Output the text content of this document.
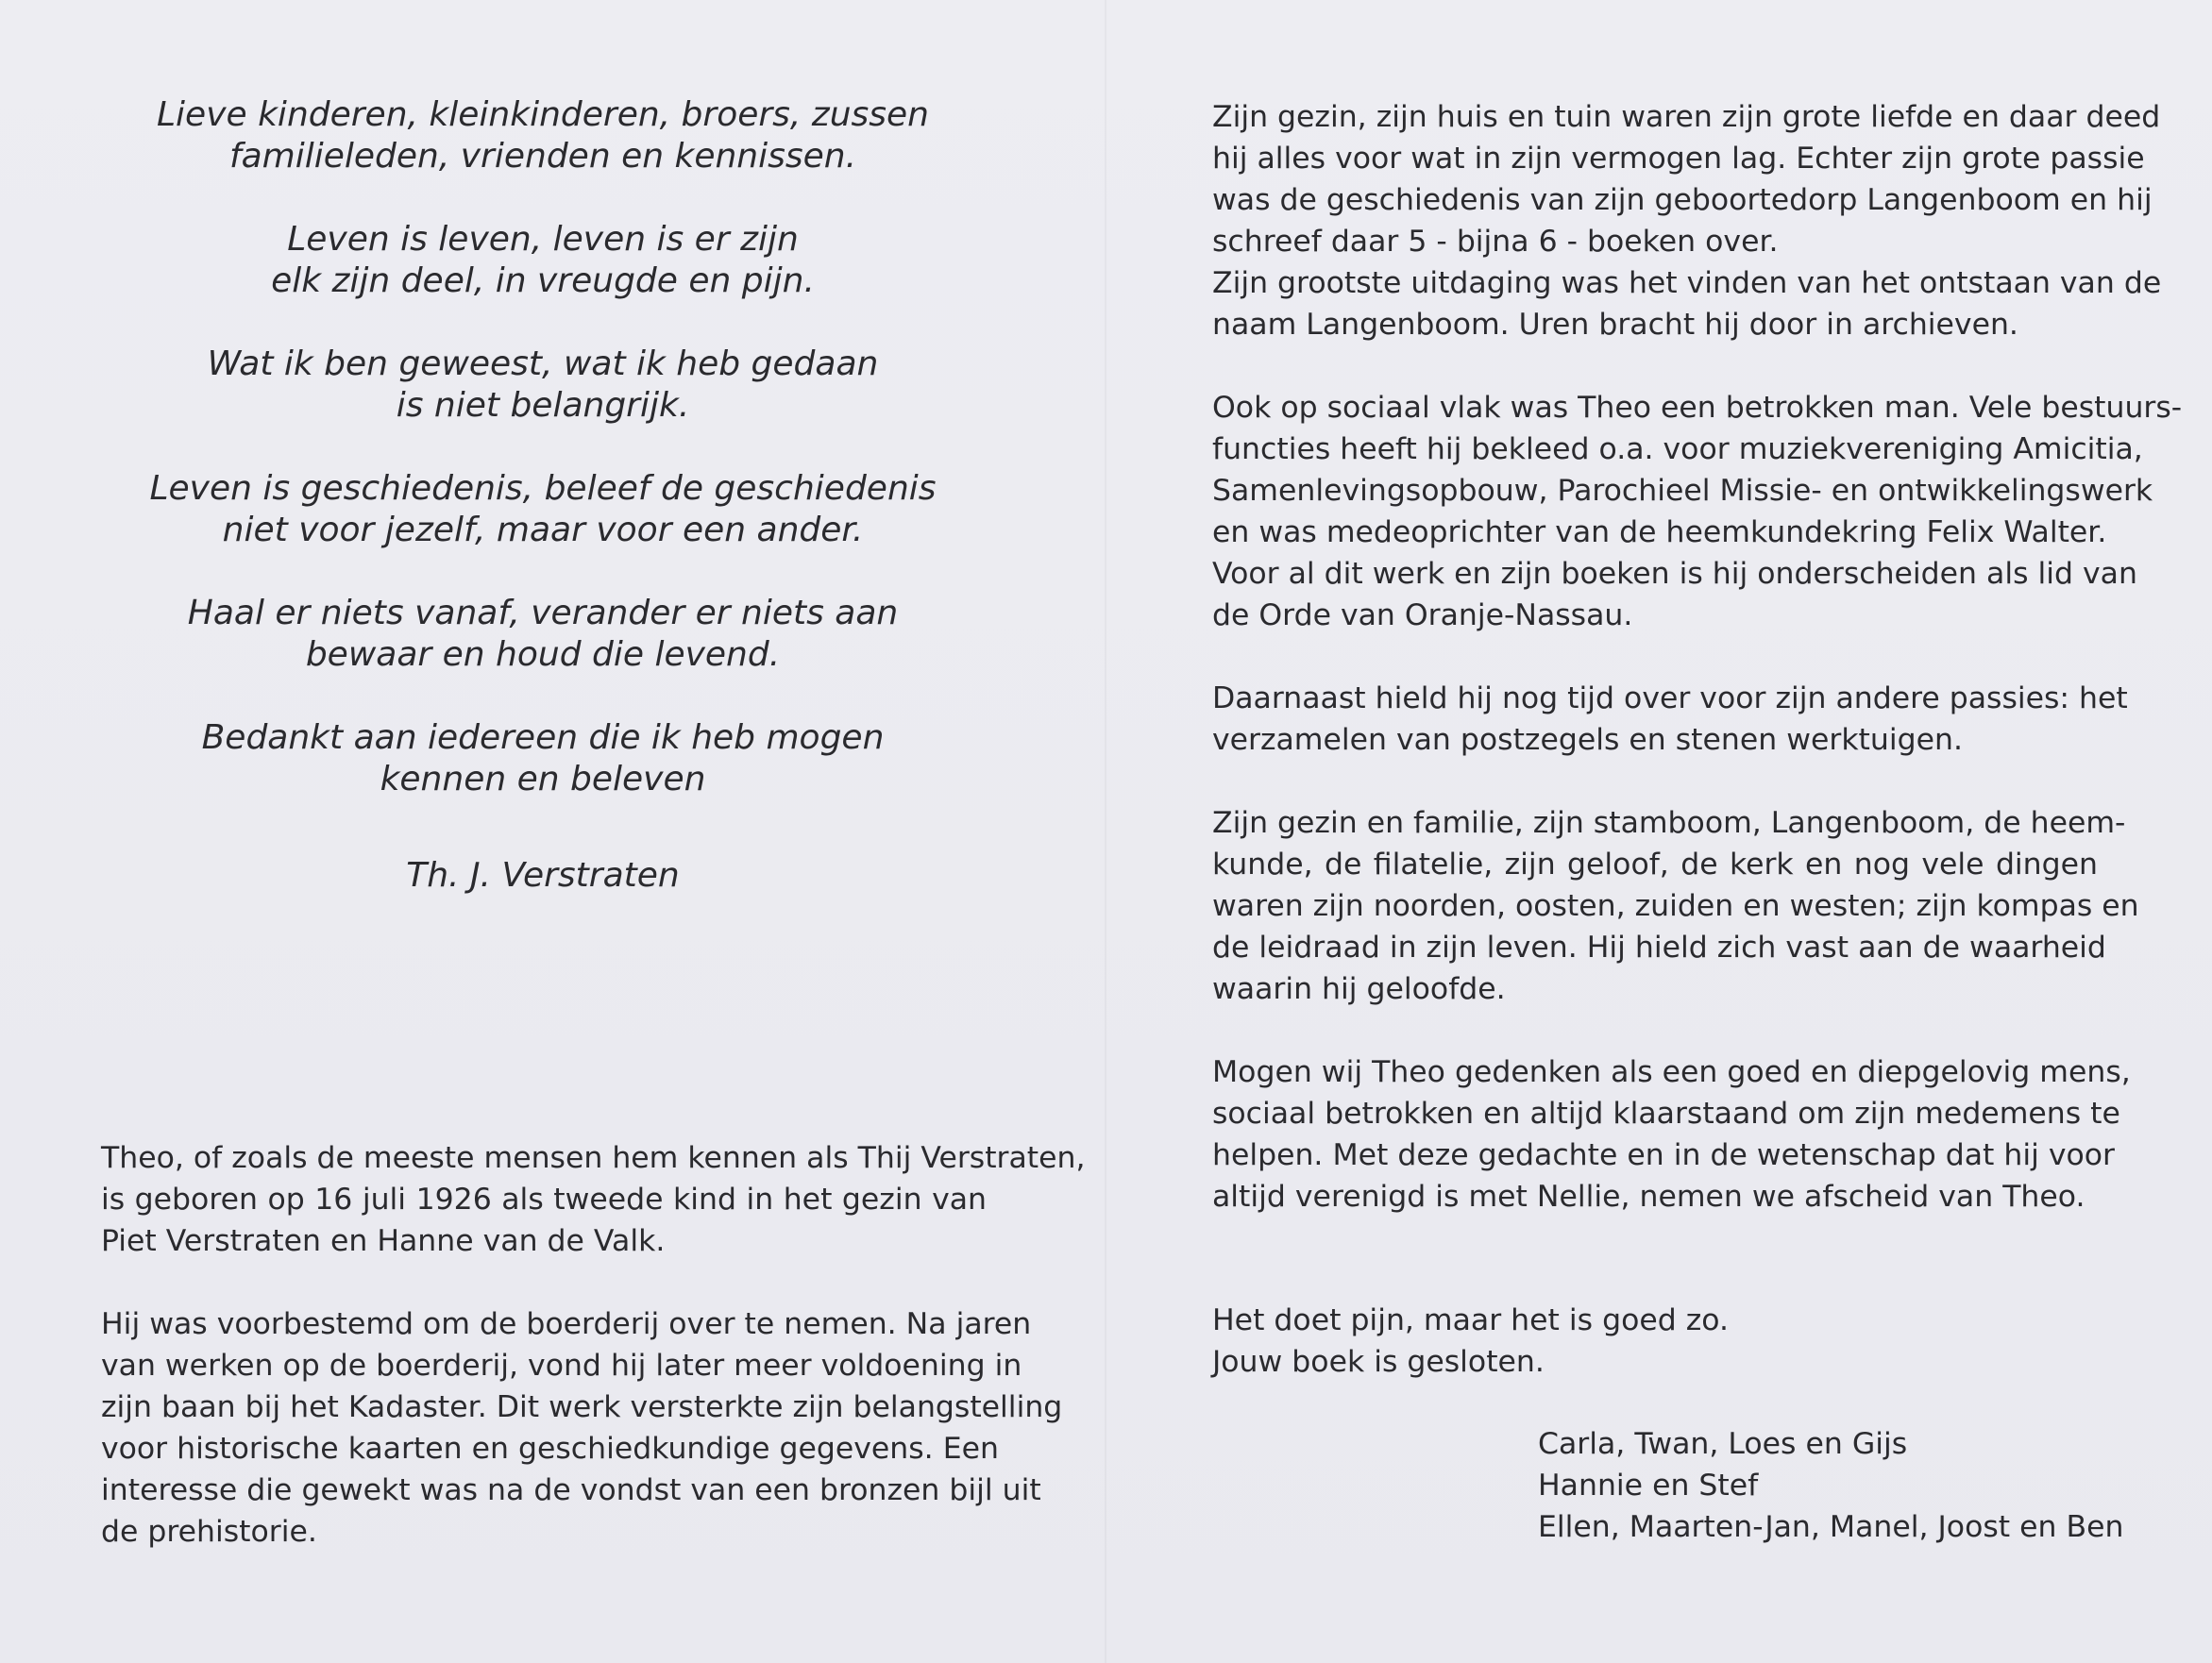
Lieve kinderen, kleinkinderen, broers, zussen
familieleden, vrienden en kennissen.
Leven is leven, leven is er zijn
elk zijn deel, in vreugde en pijn.
Wat ik ben geweest, wat ik heb gedaan
is niet belangrijk.
Leven is geschiedenis, beleef de geschiedenis
niet voor jezelf, maar voor een ander.
Haal er niets vanaf, verander er niets aan
bewaar en houd die levend.
Bedankt aan iedereen die ik heb mogen
kennen en beleven
Th. J. Verstraten

Theo, of zoals de meeste mensen hem kennen als Thij Verstraten,
is geboren op 16 juli 1926 als tweede kind in het gezin van
Piet Verstraten en Hanne van de Valk.

Hij was voorbestemd om de boerderij over te nemen. Na jaren
van werken op de boerderij, vond hij later meer voldoening in
zijn baan bij het Kadaster. Dit werk versterkte zijn belangstelling
voor historische kaarten en geschiedkundige gegevens. Een
interesse die gewekt was na de vondst van een bronzen bijl uit
de prehistorie.

Zijn gezin, zijn huis en tuin waren zijn grote liefde en daar deed
hij alles voor wat in zijn vermogen lag. Echter zijn grote passie
was de geschiedenis van zijn geboortedorp Langenboom en hij
schreef daar 5 - bijna 6 - boeken over.
Zijn grootste uitdaging was het vinden van het ontstaan van de
naam Langenboom. Uren bracht hij door in archieven.

Ook op sociaal vlak was Theo een betrokken man. Vele bestuurs-
functies heeft hij bekleed o.a. voor muziekvereniging Amicitia,
Samenlevingsopbouw, Parochieel Missie- en ontwikkelingswerk
en was medeoprichter van de heemkundekring Felix Walter.
Voor al dit werk en zijn boeken is hij onderscheiden als lid van
de Orde van Oranje-Nassau.

Daarnaast hield hij nog tijd over voor zijn andere passies: het
verzamelen van postzegels en stenen werktuigen.

Zijn gezin en familie, zijn stamboom, Langenboom, de heem-
kunde, de filatelie, zijn geloof, de kerk en nog vele dingen
waren zijn noorden, oosten, zuiden en westen; zijn kompas en
de leidraad in zijn leven. Hij hield zich vast aan de waarheid
waarin hij geloofde.

Mogen wij Theo gedenken als een goed en diepgelovig mens,
sociaal betrokken en altijd klaarstaand om zijn medemens te
helpen. Met deze gedachte en in de wetenschap dat hij voor
altijd verenigd is met Nellie, nemen we afscheid van Theo.

Het doet pijn, maar het is goed zo.
Jouw boek is gesloten.
Carla, Twan, Loes en Gijs
Hannie en Stef
Ellen, Maarten-Jan, Manel, Joost en Ben
